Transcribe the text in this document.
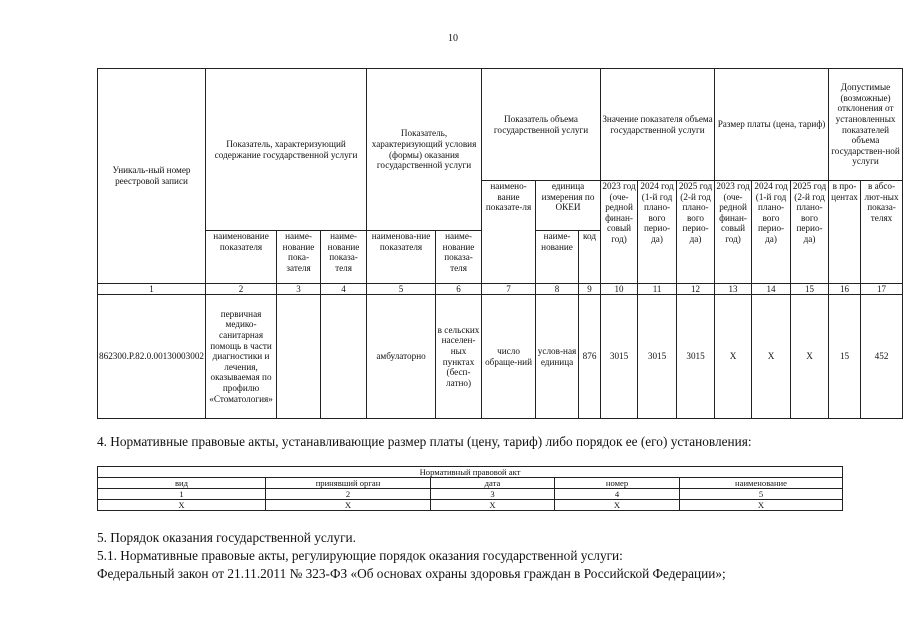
10
Уникаль-ный номер реестровой записи	Показатель, характеризующий содержание государственной услуги			Показатель, характеризующий условия (формы) оказания государственной услуги		Показатель объема государственной услуги			Значение показателя объема государственной услуги			Размер платы (цена, тариф)			Допустимые (возможные) отклонения от установленных показателей объема государствен-ной услуги	
						наимено-вание показате-ля	единица измерения по ОКЕИ		2023 год (оче-редной финан-совый год)	2024 год (1-й год плано-вого перио-да)	2025 год (2-й год плано-вого перио-да)	2023 год (оче-редной финан-совый год)	2024 год (1-й год плано-вого перио-да)	2025 год (2-й год плано-вого перио-да)	в про-центах	в абсо-лют-ных показа-телях
	наименование показателя	наиме-нование пока-зателя	наиме-нование показа-теля	наименова-ние показателя	наиме-нование показа-теля		наиме-нование	код								
1	2	3	4	5	6	7	8	9	10	11	12	13	14	15	16	17
862300.Р.82.0.00130003002	первичная медико-санитарная помощь в части диагностики и лечения, оказываемая по профилю «Стоматология»			амбулаторно	в сельских населен-ных пунктах (бесп-латно)	число обраще-ний	услов-ная единица	876	3015	3015	3015	Х	Х	Х	15	452
4. Нормативные правовые акты, устанавливающие размер платы (цену, тариф) либо порядок ее (его) установления:
Нормативный правовой акт				
вид	принявший орган	дата	номер	наименование
1	2	3	4	5
Х	Х	Х	Х	Х
5. Порядок оказания государственной услуги.
5.1. Нормативные правовые акты, регулирующие порядок оказания государственной услуги:
Федеральный закон от 21.11.2011 № 323-ФЗ «Об основах охраны здоровья граждан в Российской Федерации»;
